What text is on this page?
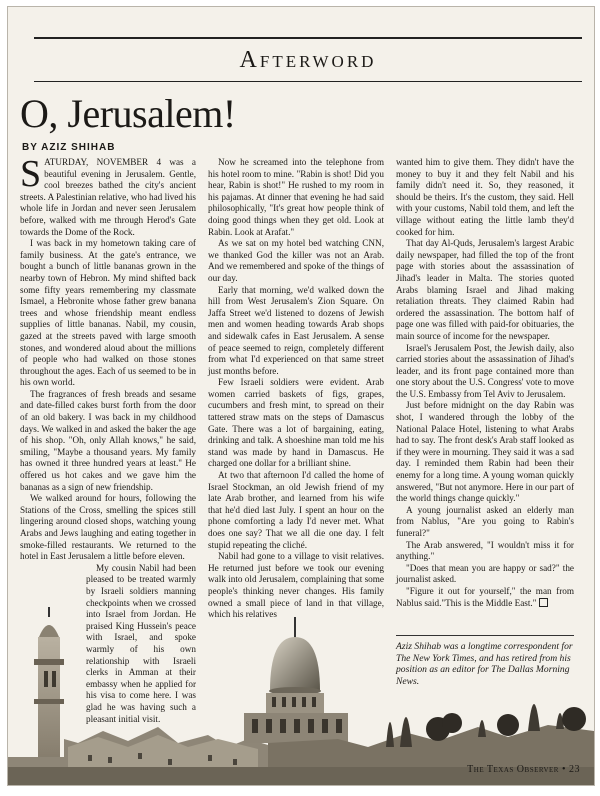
Afterword
O, Jerusalem!
BY AZIZ SHIHAB

SATURDAY, NOVEMBER 4 was a beautiful evening in Jerusalem. Gentle, cool breezes bathed the city's ancient streets. A Palestinian relative, who had lived his whole life in Jordan and never seen Jerusalem before, walked with me through Herod's Gate towards the Dome of the Rock.

I was back in my hometown taking care of family business. At the gate's entrance, we bought a bunch of little bananas grown in the nearby town of Hebron. My mind shifted back some fifty years remembering my classmate Ismael, a Hebronite whose father grew banana trees and whose friendship meant endless supplies of little bananas. Nabil, my cousin, gazed at the streets paved with large smooth stones, and wondered aloud about the millions of people who had walked on those stones throughout the ages. Each of us seemed to be in his own world.

The fragrances of fresh breads and sesame and date-filled cakes burst forth from the door of an old bakery. I was back in my childhood days. We walked in and asked the baker the age of his shop. "Oh, only Allah knows," he said, smiling, "Maybe a thousand years. My family has owned it three hundred years at least." He offered us hot cakes and we gave him the bananas as a sign of new friendship.

We walked around for hours, following the Stations of the Cross, smelling the spices still lingering around closed shops, watching young Arabs and Jews laughing and eating together in smoke-filled restaurants. We returned to the hotel in East Jerusalem a little before eleven.

My cousin Nabil had been pleased to be treated warmly by Israeli soldiers manning checkpoints when we crossed into Israel from Jordan. He praised King Hussein's peace with Israel, and spoke warmly of his own relationship with Israeli clerks in Amman at their embassy when he applied for his visa to come here. I was glad he was having such a pleasant initial visit.

Now he screamed into the telephone from his hotel room to mine. "Rabin is shot! Did you hear, Rabin is shot!" He rushed to my room in his pajamas. At dinner that evening he had said philosophically, "It's great how people think of doing good things when they get old. Look at Rabin. Look at Arafat."

As we sat on my hotel bed watching CNN, we thanked God the killer was not an Arab. And we remembered and spoke of the things of our day.

Early that morning, we'd walked down the hill from West Jerusalem's Zion Square. On Jaffa Street we'd listened to dozens of Jewish men and women heading towards Arab shops and sidewalk cafes in East Jerusalem. A sense of peace seemed to reign, completely different from what I'd experienced on that same street just months before.

Few Israeli soldiers were evident. Arab women carried baskets of figs, grapes, cucumbers and fresh mint, to spread on their tattered straw mats on the steps of Damascus Gate. There was a lot of bargaining, eating, drinking and talk. A shoeshine man told me his stand was made by hand in Damascus. He charged one dollar for a brilliant shine.

At two that afternoon I'd called the home of Israel Stockman, an old Jewish friend of my late Arab brother, and learned from his wife that he'd died last July. I spent an hour on the phone comforting a lady I'd never met. What does one say? That we all die one day. I felt stupid repeating the cliché.

Nabil had gone to a village to visit relatives. He returned just before we took our evening walk into old Jerusalem, complaining that some people's thinking never changes. His family owned a small piece of land in that village, which his relatives

wanted him to give them. They didn't have the money to buy it and they felt Nabil and his family didn't need it. So, they reasoned, it should be theirs. It's the custom, they said. Hell with your customs, Nabil told them, and left the village without eating the little lamb they'd cooked for him.

That day Al-Quds, Jerusalem's largest Arabic daily newspaper, had filled the top of the front page with stories about the assassination of Jihad's leader in Malta. The stories quoted Arabs blaming Israel and Jihad making retaliation threats. They claimed Rabin had ordered the assassination. The bottom half of page one was filled with paid-for obituaries, the main source of income for the newspaper.

Israel's Jerusalem Post, the Jewish daily, also carried stories about the assassination of Jihad's leader, and its front page contained more than one story about the U.S. Congress' vote to move the U.S. Embassy from Tel Aviv to Jerusalem.

Just before midnight on the day Rabin was shot, I wandered through the lobby of the National Palace Hotel, listening to what Arabs had to say. The front desk's Arab staff looked as if they were in mourning. They said it was a sad day. I reminded them Rabin had been their enemy for a long time. A young woman quickly answered, "But not anymore. Here in our part of the world things change quickly."

A young journalist asked an elderly man from Nablus, "Are you going to Rabin's funeral?"

The Arab answered, "I wouldn't miss it for anything."

"Does that mean you are happy or sad?" the journalist asked.

"Figure it out for yourself," the man from Nablus said."This is the Middle East."

Aziz Shihab was a longtime correspondent for The New York Times, and has retired from his position as an editor for The Dallas Morning News.
The Texas Observer • 23
